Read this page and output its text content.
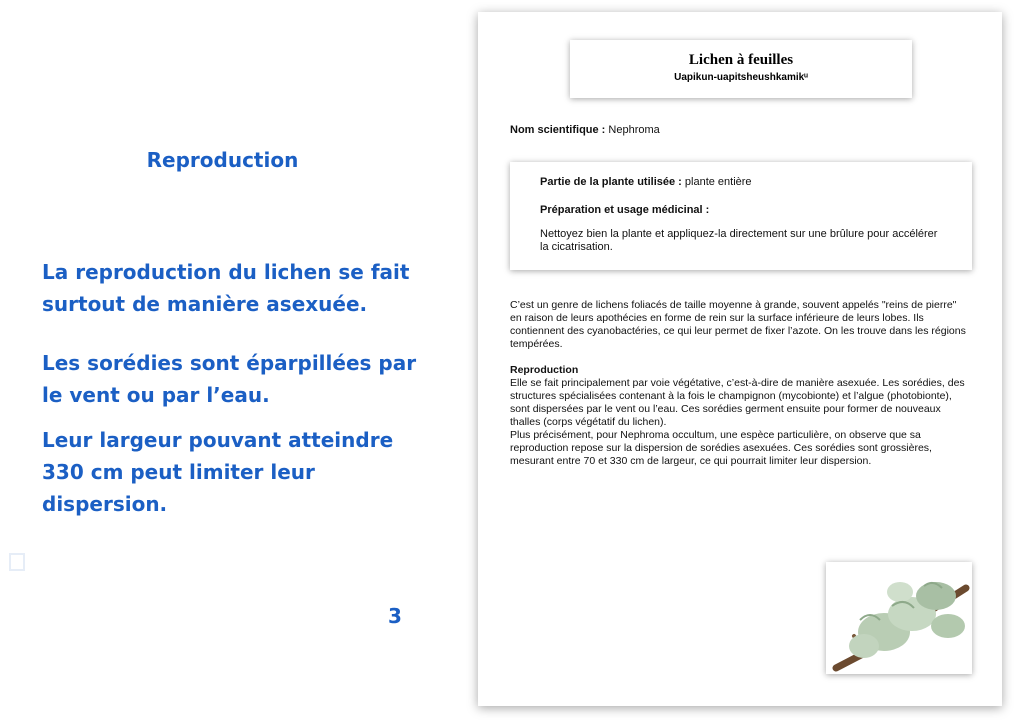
Reproduction

La reproduction du lichen se fait surtout de manière asexuée.

Les sorédies sont éparpillées par le vent ou par l’eau.

Leur largeur pouvant atteindre 330 cm peut limiter leur dispersion.

3
Lichen à feuilles
Uapikun-uapitsheushkamikᵘ
Nom scientifique : Nephroma
Partie de la plante utilisée : plante entière
Préparation et usage médicinal :
Nettoyez bien la plante et appliquez-la directement sur une brûlure pour accélérer la cicatrisation.

C’est un genre de lichens foliacés de taille moyenne à grande, souvent appelés "reins de pierre" en raison de leurs apothécies en forme de rein sur la surface inférieure de leurs lobes. Ils contiennent des cyanobactéries, ce qui leur permet de fixer l’azote. On les trouve dans les régions tempérées.

Reproduction

Elle se fait principalement par voie végétative, c’est-à-dire de manière asexuée. Les sorédies, des structures spécialisées contenant à la fois le champignon (mycobionte) et l’algue (photobionte), sont dispersées par le vent ou l’eau. Ces sorédies germent ensuite pour former de nouveaux thalles (corps végétatif du lichen).

Plus précisément, pour Nephroma occultum, une espèce particulière, on observe que sa reproduction repose sur la dispersion de sorédies asexuées. Ces sorédies sont grossières, mesurant entre 70 et 330 cm de largeur, ce qui pourrait limiter leur dispersion.
